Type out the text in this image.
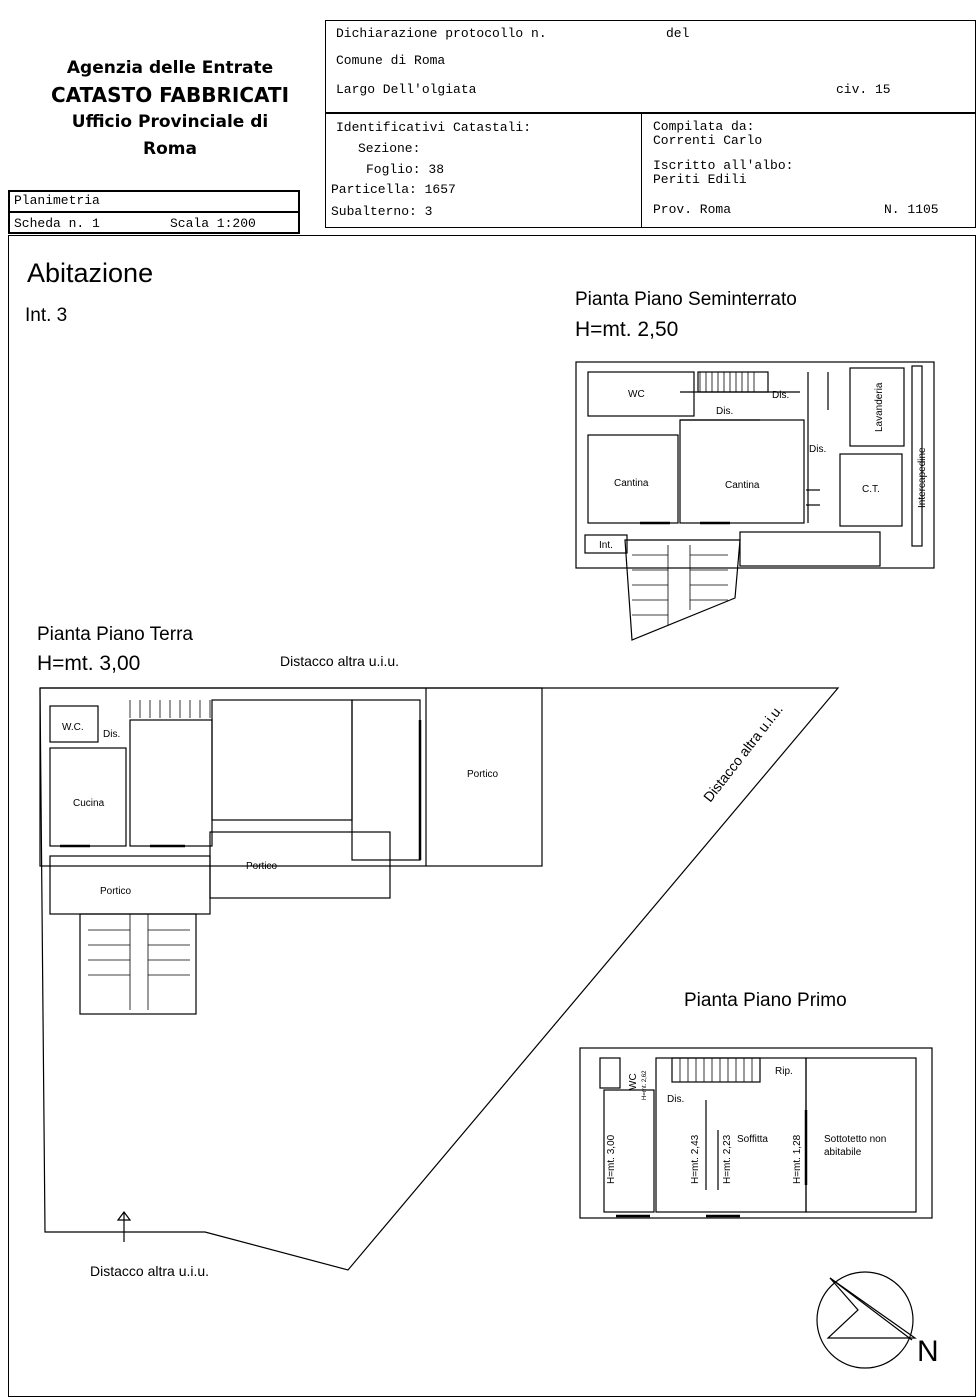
Agenzia delle Entrate
CATASTO FABBRICATI
Ufficio Provinciale di
Roma
Planimetria
Scheda n. 1	Scala 1:200
Dichiarazione protocollo n.	del
Comune di Roma
Largo Dell'olgiata	civ. 15
Identificativi Catastali:
Sezione:
Foglio: 38
Particella: 1657
Subalterno: 3
Compilata da:
Correnti Carlo
Iscritto all'albo:
Periti Edili
Prov. Roma	N. 1105
Abitazione
Int. 3
Pianta Piano Seminterrato
H=mt. 2,50
Pianta Piano Terra
H=mt. 3,00	Distacco altra u.i.u.
Distacco altra u.i.u.
Distacco altra u.i.u.
Pianta Piano Primo
N
WC	Dis.
Dis.
Dis.
Lavanderia
Cantina	Cantina	C.T.	Intercapedine
Int.
W.C.
Dis.
Cucina
Portico
Portico
Portico
WC H=mt. 2,62 Dis.
Rip.
Soffitta	Sottotetto non
abitabile
H=mt. 3,00	H=mt. 2,43 H=mt. 2,23	H=mt. 1,28
